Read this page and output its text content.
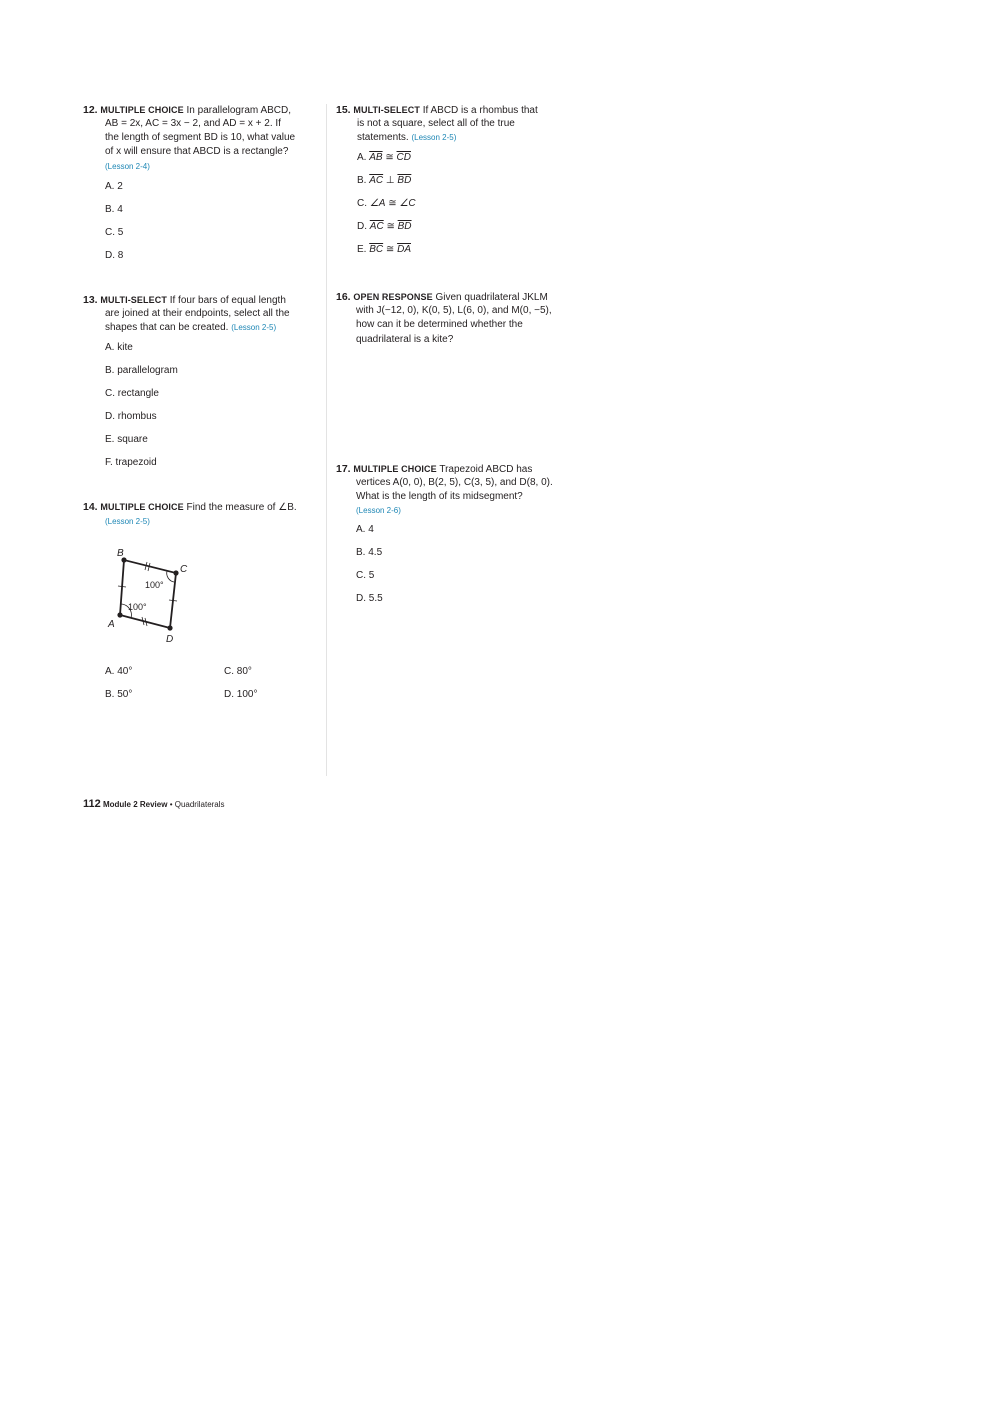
12. MULTIPLE CHOICE In parallelogram ABCD,
AB = 2x, AC = 3x − 2, and AD = x + 2. If
the length of segment BD is 10, what value
of x will ensure that ABCD is a rectangle?
(Lesson 2-4)
A. 2
B. 4
C. 5
D. 8
13. MULTI-SELECT If four bars of equal length
are joined at their endpoints, select all the
shapes that can be created. (Lesson 2-5)
A. kite
B. parallelogram
C. rectangle
D. rhombus
E. square
F. trapezoid
14. MULTIPLE CHOICE Find the measure of ∠B.
(Lesson 2-5)
B
C
A
D
100°
100°
A. 40°	C. 80°
B. 50°	D. 100°
15. MULTI-SELECT If ABCD is a rhombus that
is not a square, select all of the true
statements. (Lesson 2-5)
A. $\overline{AB}$ ≅ $\overline{CD}$
B. $\overline{AC}$ ⊥ $\overline{BD}$
C. ∠A ≅ ∠C
D. $\overline{AC}$ ≅ $\overline{BD}$
E. $\overline{BC}$ ≅ $\overline{DA}$
16. OPEN RESPONSE Given quadrilateral JKLM
with J(−12, 0), K(0, 5), L(6, 0), and M(0, −5),
how can it be determined whether the
quadrilateral is a kite?
17. MULTIPLE CHOICE Trapezoid ABCD has
vertices A(0, 0), B(2, 5), C(3, 5), and D(8, 0).
What is the length of its midsegment?
(Lesson 2-6)
A. 4
B. 4.5
C. 5
D. 5.5
112 Module 2 Review • Quadrilaterals
